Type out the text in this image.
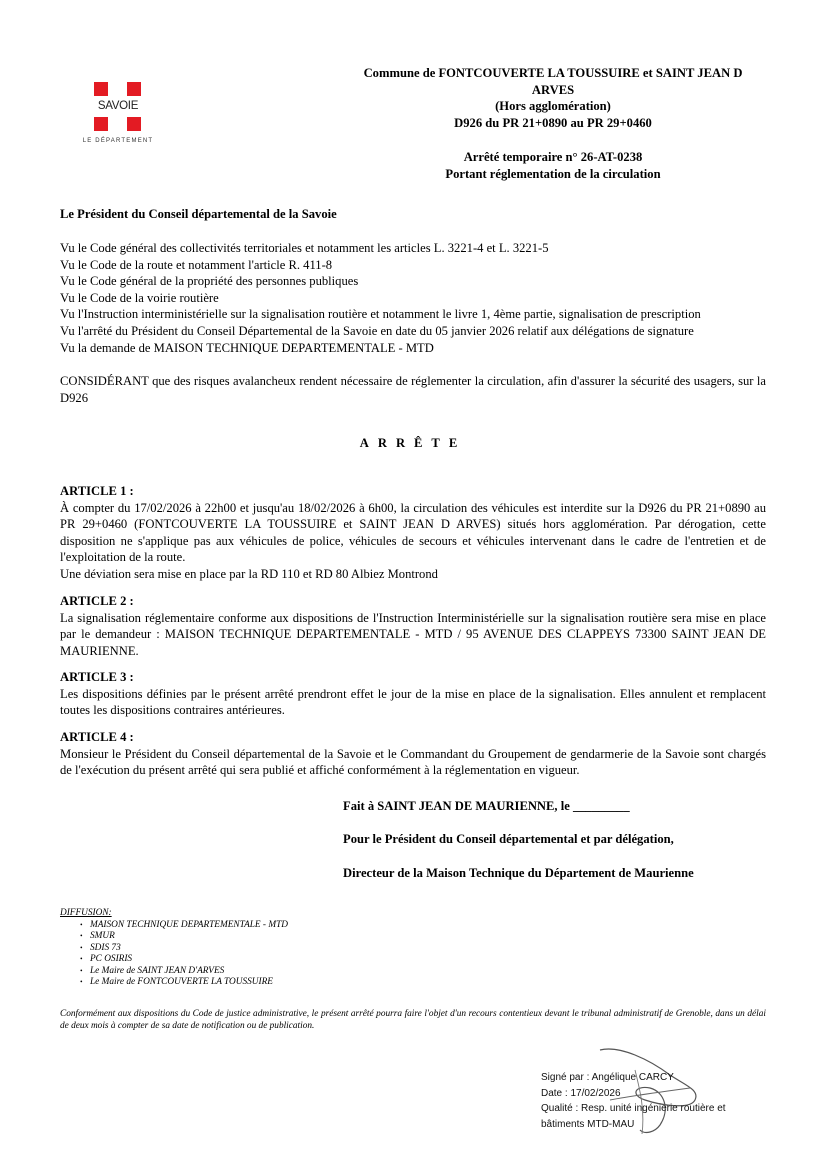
SAVOIE
LE DÉPARTEMENT
Commune de FONTCOUVERTE LA TOUSSUIRE et SAINT JEAN D
ARVES
(Hors agglomération)
D926 du PR 21+0890 au PR 29+0460
Arrêté temporaire n° 26-AT-0238
Portant réglementation de la circulation
Le Président du Conseil départemental de la Savoie
Vu le Code général des collectivités territoriales et notamment les articles L. 3221-4 et L. 3221-5
Vu le Code de la route et notamment l'article R. 411-8
Vu le Code général de la propriété des personnes publiques
Vu le Code de la voirie routière
Vu l'Instruction interministérielle sur la signalisation routière et notamment le livre 1, 4ème partie, signalisation de prescription
Vu l'arrêté du Président du Conseil Départemental de la Savoie en date du 05 janvier 2026 relatif aux délégations de signature
Vu la demande de MAISON TECHNIQUE DEPARTEMENTALE - MTD
CONSIDÉRANT que des risques avalancheux rendent nécessaire de réglementer la circulation, afin d'assurer la sécurité des usagers, sur la D926
ARRÊTE
ARTICLE 1 :
À compter du 17/02/2026 à 22h00 et jusqu'au 18/02/2026 à 6h00, la circulation des véhicules est interdite sur la D926 du PR 21+0890 au PR 29+0460 (FONTCOUVERTE LA TOUSSUIRE et SAINT JEAN D ARVES) situés hors agglomération. Par dérogation, cette disposition ne s'applique pas aux véhicules de police, véhicules de secours et véhicules intervenant dans le cadre de l'entretien et de l'exploitation de la route.
Une déviation sera mise en place par la RD 110 et RD 80 Albiez Montrond
ARTICLE 2 :
La signalisation réglementaire conforme aux dispositions de l'Instruction Interministérielle sur la signalisation routière sera mise en place par le demandeur : MAISON TECHNIQUE DEPARTEMENTALE - MTD / 95 AVENUE DES CLAPPEYS 73300 SAINT JEAN DE MAURIENNE.
ARTICLE 3 :
Les dispositions définies par le présent arrêté prendront effet le jour de la mise en place de la signalisation. Elles annulent et remplacent toutes les dispositions contraires antérieures.
ARTICLE 4 :
Monsieur le Président du Conseil départemental de la Savoie et le Commandant du Groupement de gendarmerie de la Savoie sont chargés de l'exécution du présent arrêté qui sera publié et affiché conformément à la réglementation en vigueur.
Fait à SAINT JEAN DE MAURIENNE, le _________
Pour le Président du Conseil départemental et par délégation,
Directeur de la Maison Technique du Département de Maurienne
DIFFUSION:
• MAISON TECHNIQUE DEPARTEMENTALE - MTD
• SMUR
• SDIS 73
• PC OSIRIS
• Le Maire de SAINT JEAN D'ARVES
• Le Maire de FONTCOUVERTE LA TOUSSUIRE
Conformément aux dispositions du Code de justice administrative, le présent arrêté pourra faire l'objet d'un recours contentieux devant le tribunal administratif de Grenoble, dans un délai de deux mois à compter de sa date de notification ou de publication.
Signé par : Angélique CARCY
Date : 17/02/2026
Qualité : Resp. unité ingénierie routière et
bâtiments MTD-MAU
